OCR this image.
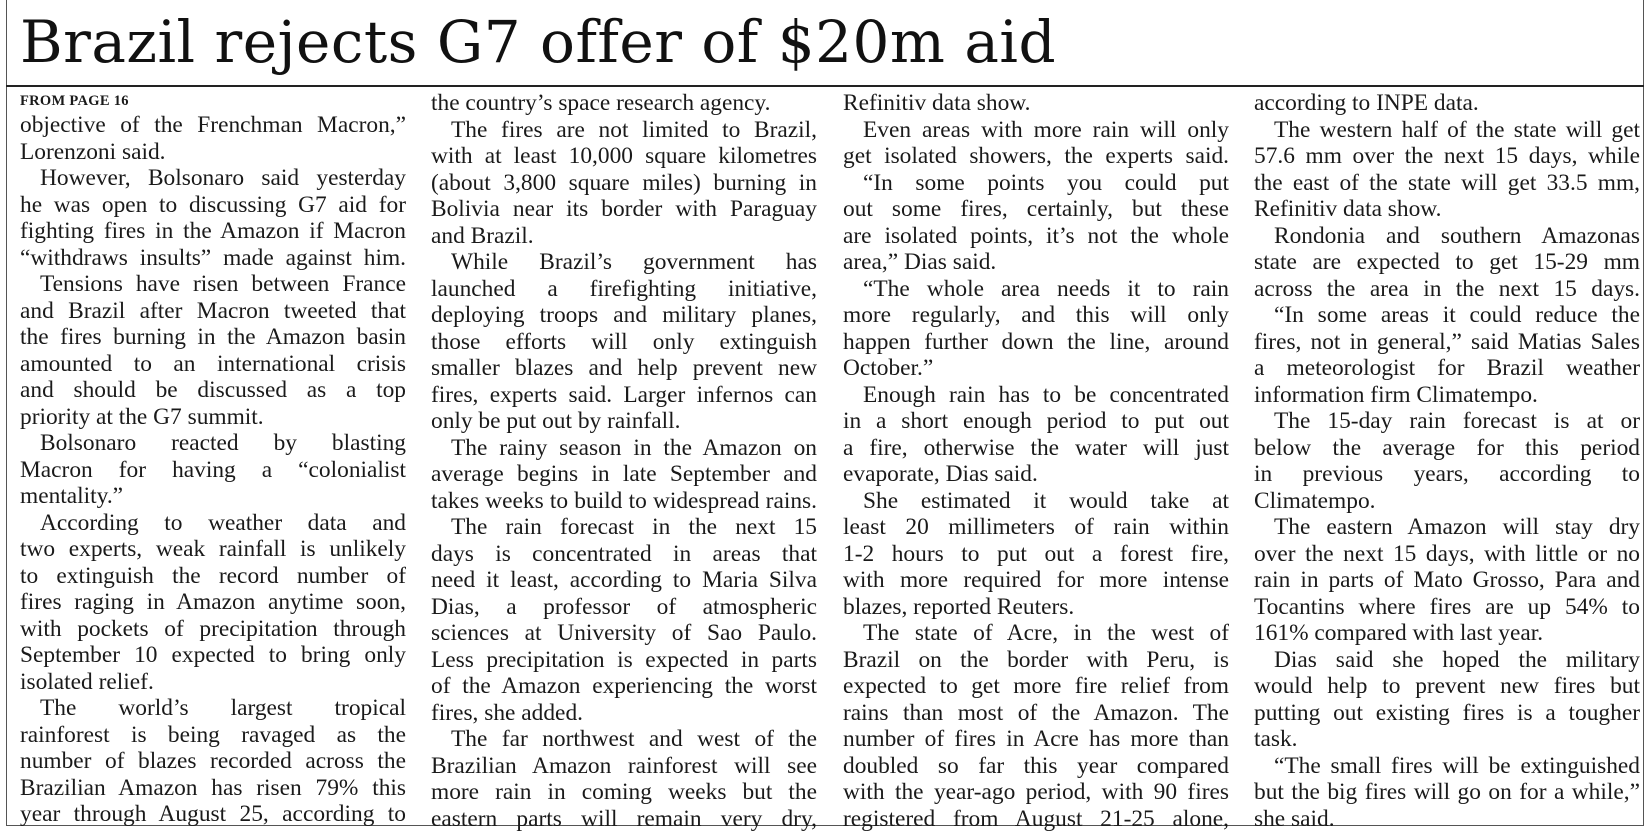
Brazil rejects G7 offer of $20m aid
FROM PAGE 16
objective of the Frenchman Macron,”
Lorenzoni said.
However, Bolsonaro said yesterday
he was open to discussing G7 aid for
fighting fires in the Amazon if Macron
“withdraws insults” made against him.
Tensions have risen between France
and Brazil after Macron tweeted that
the fires burning in the Amazon basin
amounted to an international crisis
and should be discussed as a top
priority at the G7 summit.
Bolsonaro reacted by blasting
Macron for having a “colonialist
mentality.”
According to weather data and
two experts, weak rainfall is unlikely
to extinguish the record number of
fires raging in Amazon anytime soon,
with pockets of precipitation through
September 10 expected to bring only
isolated relief.
The world’s largest tropical
rainforest is being ravaged as the
number of blazes recorded across the
Brazilian Amazon has risen 79% this
year through August 25, according to
the country’s space research agency.
The fires are not limited to Brazil,
with at least 10,000 square kilometres
(about 3,800 square miles) burning in
Bolivia near its border with Paraguay
and Brazil.
While Brazil’s government has
launched a firefighting initiative,
deploying troops and military planes,
those efforts will only extinguish
smaller blazes and help prevent new
fires, experts said. Larger infernos can
only be put out by rainfall.
The rainy season in the Amazon on
average begins in late September and
takes weeks to build to widespread rains.
The rain forecast in the next 15
days is concentrated in areas that
need it least, according to Maria Silva
Dias, a professor of atmospheric
sciences at University of Sao Paulo.
Less precipitation is expected in parts
of the Amazon experiencing the worst
fires, she added.
The far northwest and west of the
Brazilian Amazon rainforest will see
more rain in coming weeks but the
eastern parts will remain very dry,
Refinitiv data show.
Even areas with more rain will only
get isolated showers, the experts said.
“In some points you could put
out some fires, certainly, but these
are isolated points, it’s not the whole
area,” Dias said.
“The whole area needs it to rain
more regularly, and this will only
happen further down the line, around
October.”
Enough rain has to be concentrated
in a short enough period to put out
a fire, otherwise the water will just
evaporate, Dias said.
She estimated it would take at
least 20 millimeters of rain within
1-2 hours to put out a forest fire,
with more required for more intense
blazes, reported Reuters.
The state of Acre, in the west of
Brazil on the border with Peru, is
expected to get more fire relief from
rains than most of the Amazon. The
number of fires in Acre has more than
doubled so far this year compared
with the year-ago period, with 90 fires
registered from August 21-25 alone,
according to INPE data.
The western half of the state will get
57.6 mm over the next 15 days, while
the east of the state will get 33.5 mm,
Refinitiv data show.
Rondonia and southern Amazonas
state are expected to get 15-29 mm
across the area in the next 15 days.
“In some areas it could reduce the
fires, not in general,” said Matias Sales
a meteorologist for Brazil weather
information firm Climatempo.
The 15-day rain forecast is at or
below the average for this period
in previous years, according to
Climatempo.
The eastern Amazon will stay dry
over the next 15 days, with little or no
rain in parts of Mato Grosso, Para and
Tocantins where fires are up 54% to
161% compared with last year.
Dias said she hoped the military
would help to prevent new fires but
putting out existing fires is a tougher
task.
“The small fires will be extinguished
but the big fires will go on for a while,”
she said.
